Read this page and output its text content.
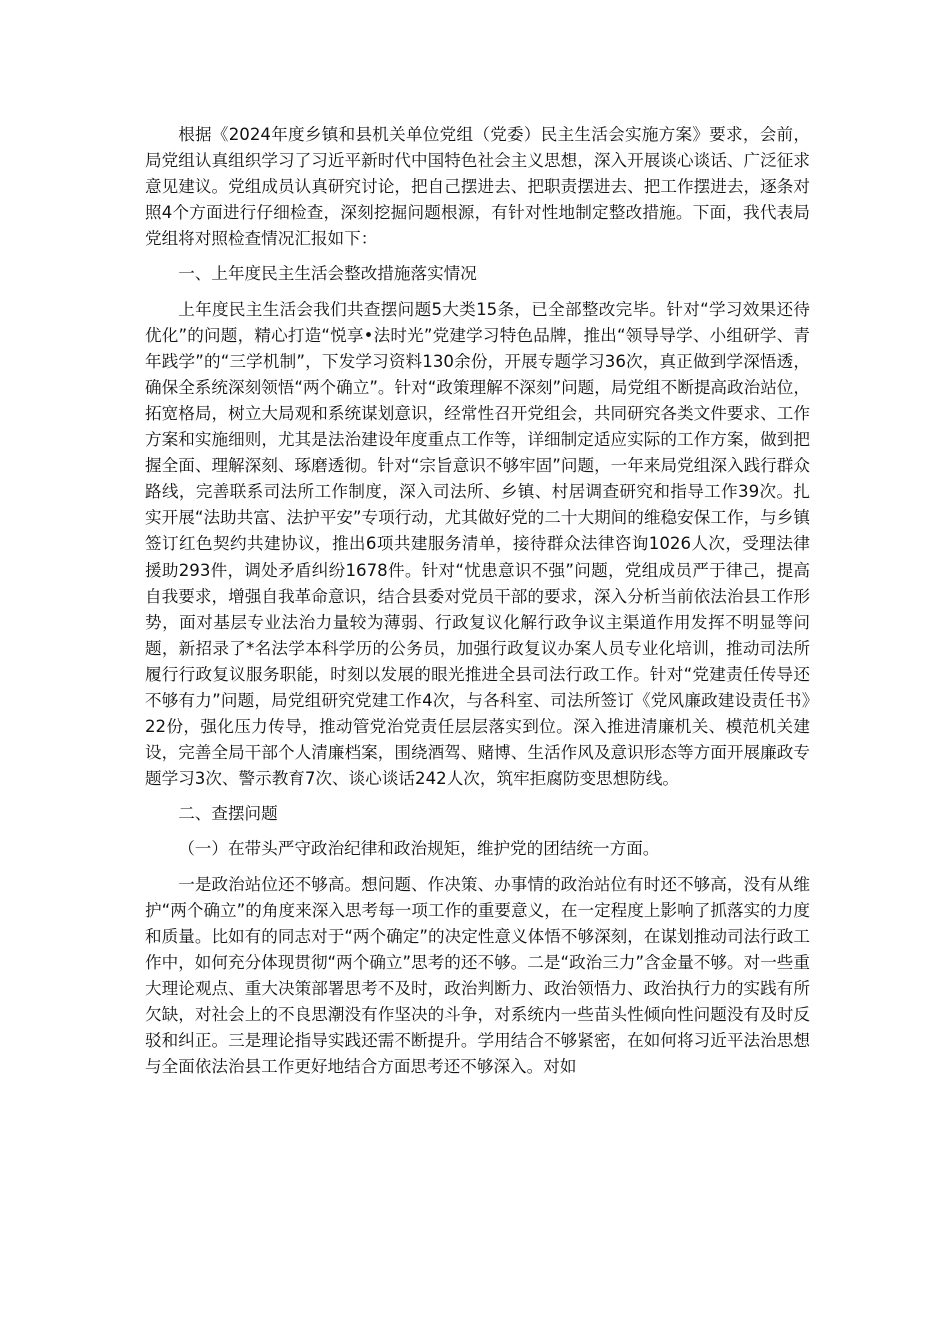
根据《2024年度乡镇和县机关单位党组（党委）民主生活会实施方案》要求，会前，局党组认真组织学习了习近平新时代中国特色社会主义思想，深入开展谈心谈话、广泛征求意见建议。党组成员认真研究讨论，把自己摆进去、把职责摆进去、把工作摆进去，逐条对照4个方面进行仔细检查，深刻挖掘问题根源，有针对性地制定整改措施。下面，我代表局党组将对照检查情况汇报如下：

一、上年度民主生活会整改措施落实情况

上年度民主生活会我们共查摆问题5大类15条，已全部整改完毕。针对“学习效果还待优化”的问题，精心打造“悦享•法时光”党建学习特色品牌，推出“领导导学、小组研学、青年践学”的“三学机制”，下发学习资料130余份，开展专题学习36次，真正做到学深悟透，确保全系统深刻领悟“两个确立”。针对“政策理解不深刻”问题，局党组不断提高政治站位，拓宽格局，树立大局观和系统谋划意识，经常性召开党组会，共同研究各类文件要求、工作方案和实施细则，尤其是法治建设年度重点工作等，详细制定适应实际的工作方案，做到把握全面、理解深刻、琢磨透彻。针对“宗旨意识不够牢固”问题，一年来局党组深入践行群众路线，完善联系司法所工作制度，深入司法所、乡镇、村居调查研究和指导工作39次。扎实开展“法助共富、法护平安”专项行动，尤其做好党的二十大期间的维稳安保工作，与乡镇签订红色契约共建协议，推出6项共建服务清单，接待群众法律咨询1026人次，受理法律援助293件，调处矛盾纠纷1678件。针对“忧患意识不强”问题，党组成员严于律己，提高自我要求，增强自我革命意识，结合县委对党员干部的要求，深入分析当前依法治县工作形势，面对基层专业法治力量较为薄弱、行政复议化解行政争议主渠道作用发挥不明显等问题，新招录了*名法学本科学历的公务员，加强行政复议办案人员专业化培训，推动司法所履行行政复议服务职能，时刻以发展的眼光推进全县司法行政工作。针对“党建责任传导还不够有力”问题，局党组研究党建工作4次，与各科室、司法所签订《党风廉政建设责任书》22份，强化压力传导，推动管党治党责任层层落实到位。深入推进清廉机关、模范机关建设，完善全局干部个人清廉档案，围绕酒驾、赌博、生活作风及意识形态等方面开展廉政专题学习3次、警示教育7次、谈心谈话242人次，筑牢拒腐防变思想防线。

二、查摆问题

（一）在带头严守政治纪律和政治规矩，维护党的团结统一方面。

一是政治站位还不够高。想问题、作决策、办事情的政治站位有时还不够高，没有从维护“两个确立”的角度来深入思考每一项工作的重要意义，在一定程度上影响了抓落实的力度和质量。比如有的同志对于“两个确定”的决定性意义体悟不够深刻，在谋划推动司法行政工作中，如何充分体现贯彻“两个确立”思考的还不够。二是“政治三力”含金量不够。对一些重大理论观点、重大决策部署思考不及时，政治判断力、政治领悟力、政治执行力的实践有所欠缺，对社会上的不良思潮没有作坚决的斗争，对系统内一些苗头性倾向性问题没有及时反驳和纠正。三是理论指导实践还需不断提升。学用结合不够紧密，在如何将习近平法治思想与全面依法治县工作更好地结合方面思考还不够深入。对如
